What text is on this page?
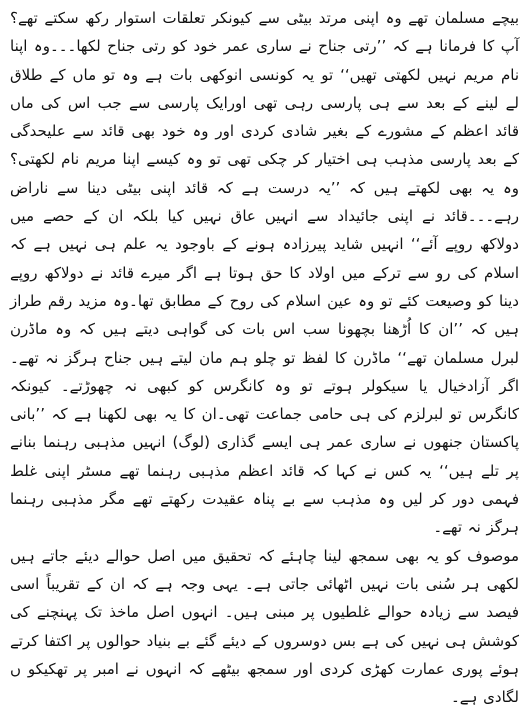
بیچے مسلمان تھے وہ اپنی مرتد بیٹی سے کیونکر تعلقات استوار رکھ سکتے تھے؟ آپ کا فرمانا ہے کہ ’’رتی جناح نے ساری عمر خود کو رتی جناح لکھا۔۔۔وہ اپنا نام مریم نہیں لکھتی تھیں‘‘ تو یہ کونسی انوکھی بات ہے وہ تو ماں کے طلاق لے لینے کے بعد سے ہی پارسی رہی تھی اورایک پارسی سے جب اس کی ماں قائد اعظم کے مشورے کے بغیر شادی کردی اور وہ خود بھی قائد سے علیحدگی کے بعد پارسی مذہب ہی اختیار کر چکی تھی تو وہ کیسے اپنا مریم نام لکھتی؟ وہ یہ بھی لکھتے ہیں کہ ’’یہ درست ہے کہ قائد اپنی بیٹی دینا سے ناراض رہے۔۔۔قائد نے اپنی جائیداد سے انہیں عاق نہیں کیا بلکہ ان کے حصے میں دولاکھ روپے آئے‘‘ انہیں شاید پیرزادہ ہونے کے باوجود یہ علم ہی نہیں ہے کہ اسلام کی رو سے ترکے میں اولاد کا حق ہوتا ہے اگر میرے قائد نے دولاکھ روپے دینا کو وصیعت کئے تو وہ عین اسلام کی روح کے مطابق تھا۔وہ مزید رقم طراز ہیں کہ ’’ان کا اُڑھنا بچھونا سب اس بات کی گواہی دیتے ہیں کہ وہ ماڈرن لبرل مسلمان تھے‘‘ ماڈرن کا لفظ تو چلو ہم مان لیتے ہیں جناح ہرگز نہ تھے۔ اگر آزادخیال یا سیکولر ہوتے تو وہ کانگرس کو کبھی نہ چھوڑتے۔ کیونکہ کانگرس تو لبرلزم کی ہی حامی جماعت تھی۔ان کا یہ بھی لکھنا ہے کہ ’’بانی پاکستان جنھوں نے ساری عمر ہی ایسے گذاری (لوگ) انہیں مذہبی رہنما بنانے پر تلے ہیں‘‘ یہ کس نے کہا کہ قائد اعظم مذہبی رہنما تھے مسٹر اپنی غلط فہمی دور کر لیں وہ مذہب سے بے پناہ عقیدت رکھتے تھے مگر مذہبی رہنما ہرگز نہ تھے۔

موصوف کو یہ بھی سمجھ لینا چاہئے کہ تحقیق میں اصل حوالے دیئے جاتے ہیں لکھی ہر سُنی بات نہیں اٹھائی جاتی ہے۔ یہی وجہ ہے کہ ان کے تقریباً اسی فیصد سے زیادہ حوالے غلطیوں پر مبنی ہیں۔ انہوں اصل ماخذ تک پہنچنے کی کوشش ہی نہیں کی ہے بس دوسروں کے دیئے گئے بے بنیاد حوالوں پر اکتفا کرتے ہوئے پوری عمارت کھڑی کردی اور سمجھ بیٹھے کہ انہوں نے امبر پر تھکیکو ں لگادی ہے۔
